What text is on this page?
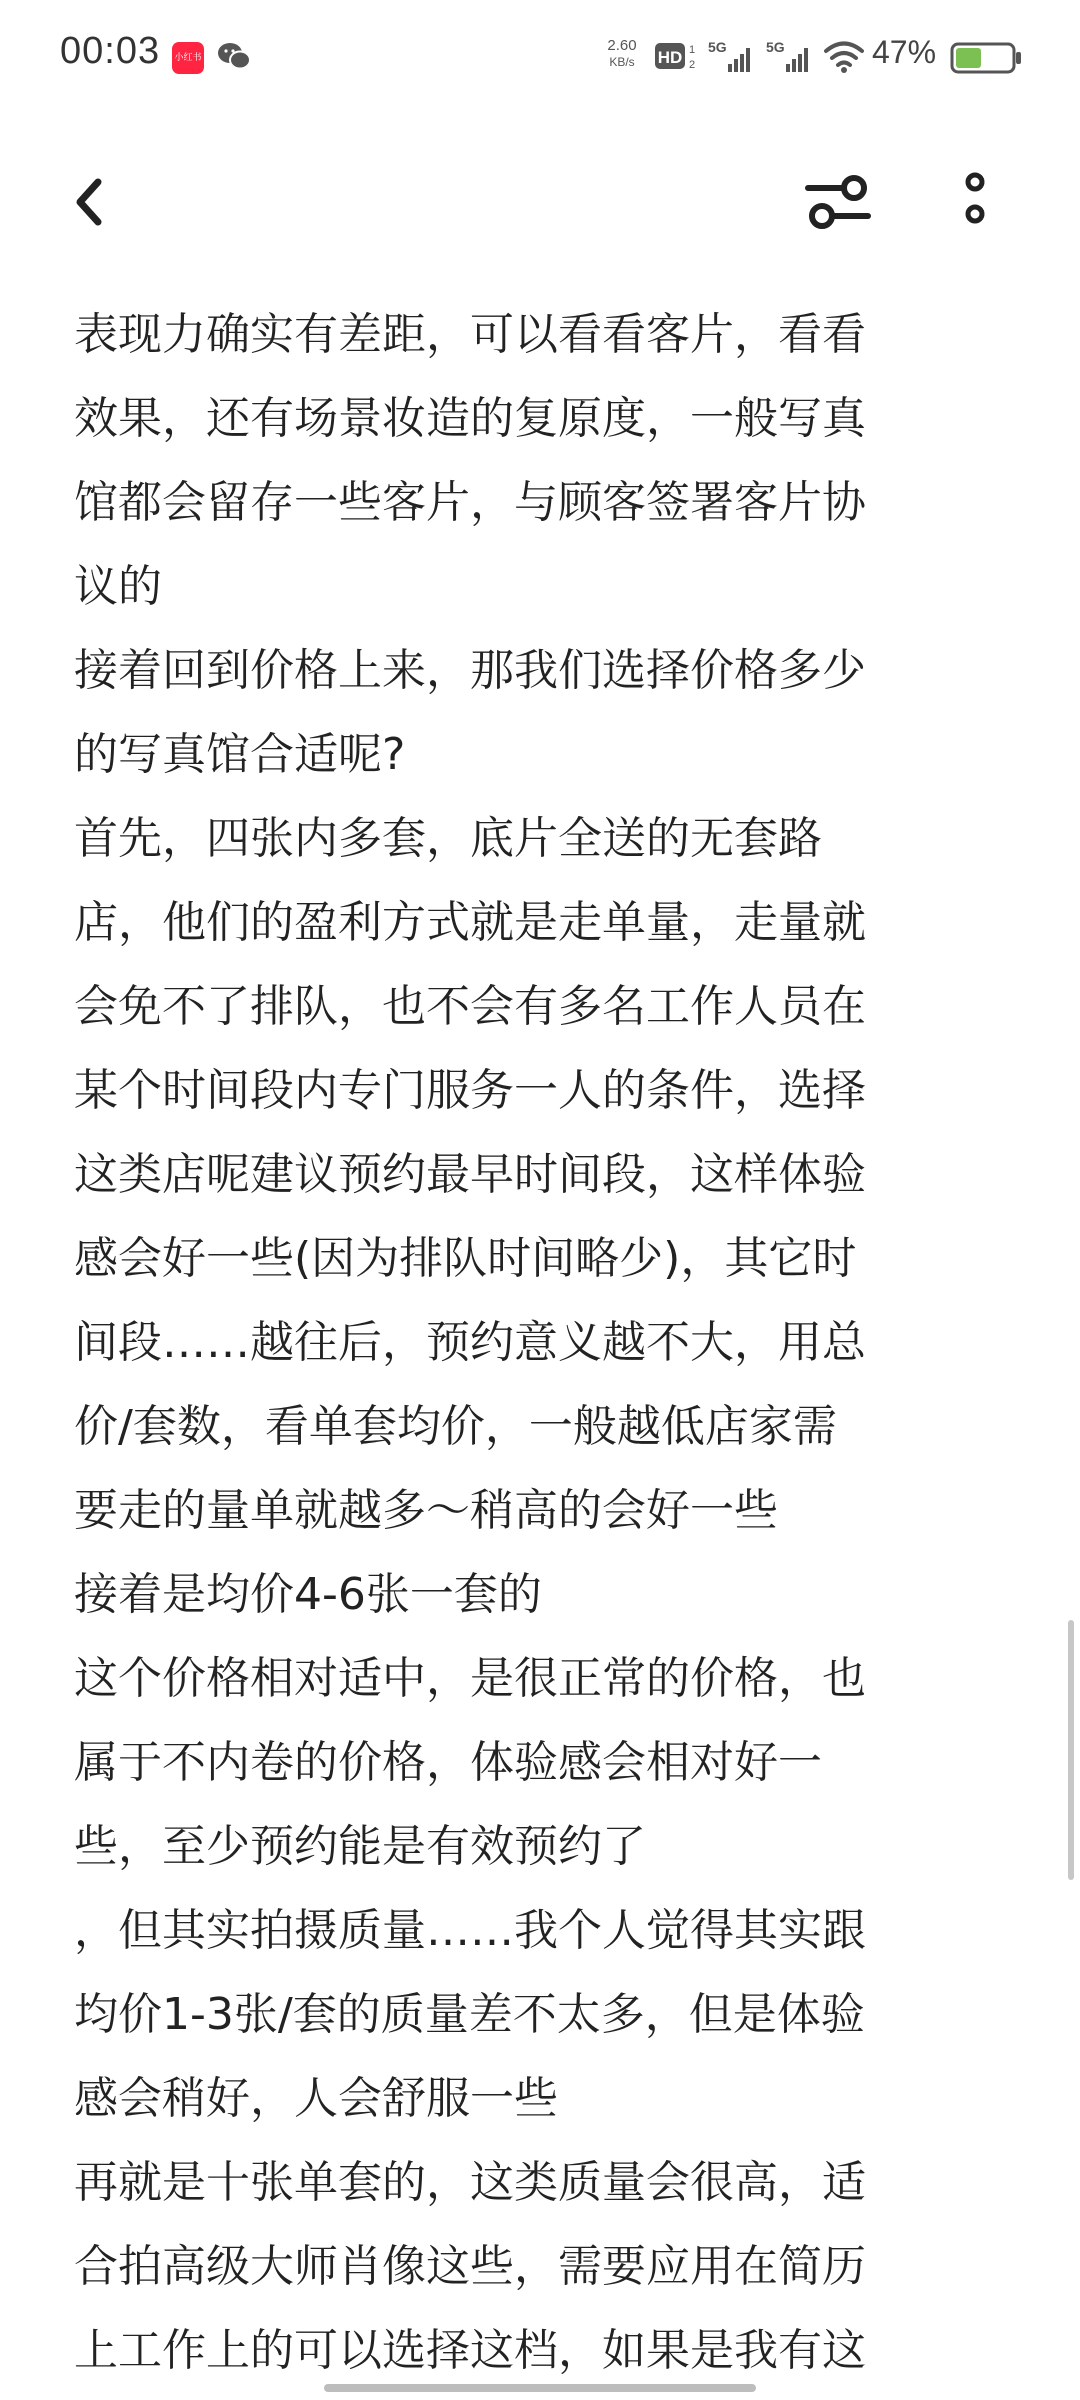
00:03 小红书
2.60
KB/s	HD 1
2
5G	5G	47%
表现力确实有差距，可以看看客片，看看
效果，还有场景妆造的复原度，一般写真
馆都会留存一些客片，与顾客签署客片协
议的
接着回到价格上来，那我们选择价格多少
的写真馆合适呢?
首先，四张内多套，底片全送的无套路
店，他们的盈利方式就是走单量，走量就
会免不了排队，也不会有多名工作人员在
某个时间段内专门服务一人的条件，选择
这类店呢建议预约最早时间段，这样体验
感会好一些(因为排队时间略少)，其它时
间段……越往后，预约意义越不大，用总
价/套数，看单套均价，一般越低店家需
要走的量单就越多～稍高的会好一些
接着是均价4-6张一套的
这个价格相对适中，是很正常的价格，也
属于不内卷的价格，体验感会相对好一
些，至少预约能是有效预约了
，但其实拍摄质量……我个人觉得其实跟
均价1-3张/套的质量差不太多，但是体验
感会稍好，人会舒服一些
再就是十张单套的，这类质量会很高，适
合拍高级大师肖像这些，需要应用在简历
上工作上的可以选择这档，如果是我有这
